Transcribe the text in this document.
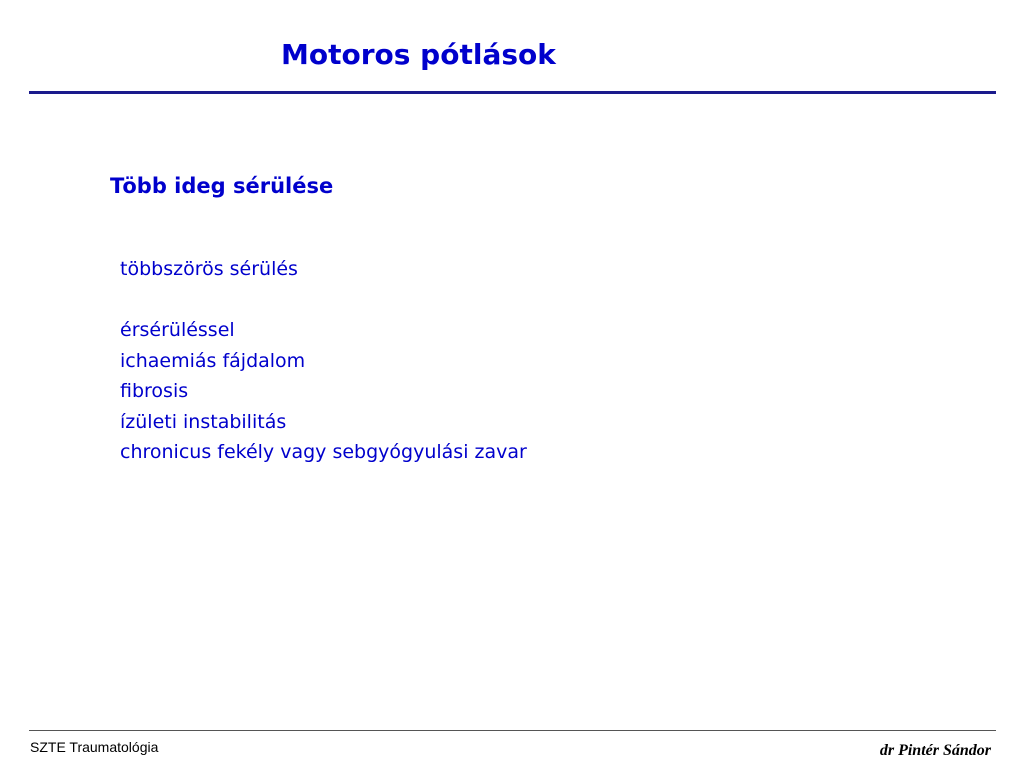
Motoros pótlások
Több ideg sérülése
többszörös sérülés
érsérüléssel
ichaemiás fájdalom
fibrosis
ízületi instabilitás
chronicus fekély vagy sebgyógyulási zavar
SZTE Traumatológia	dr Pintér Sándor
